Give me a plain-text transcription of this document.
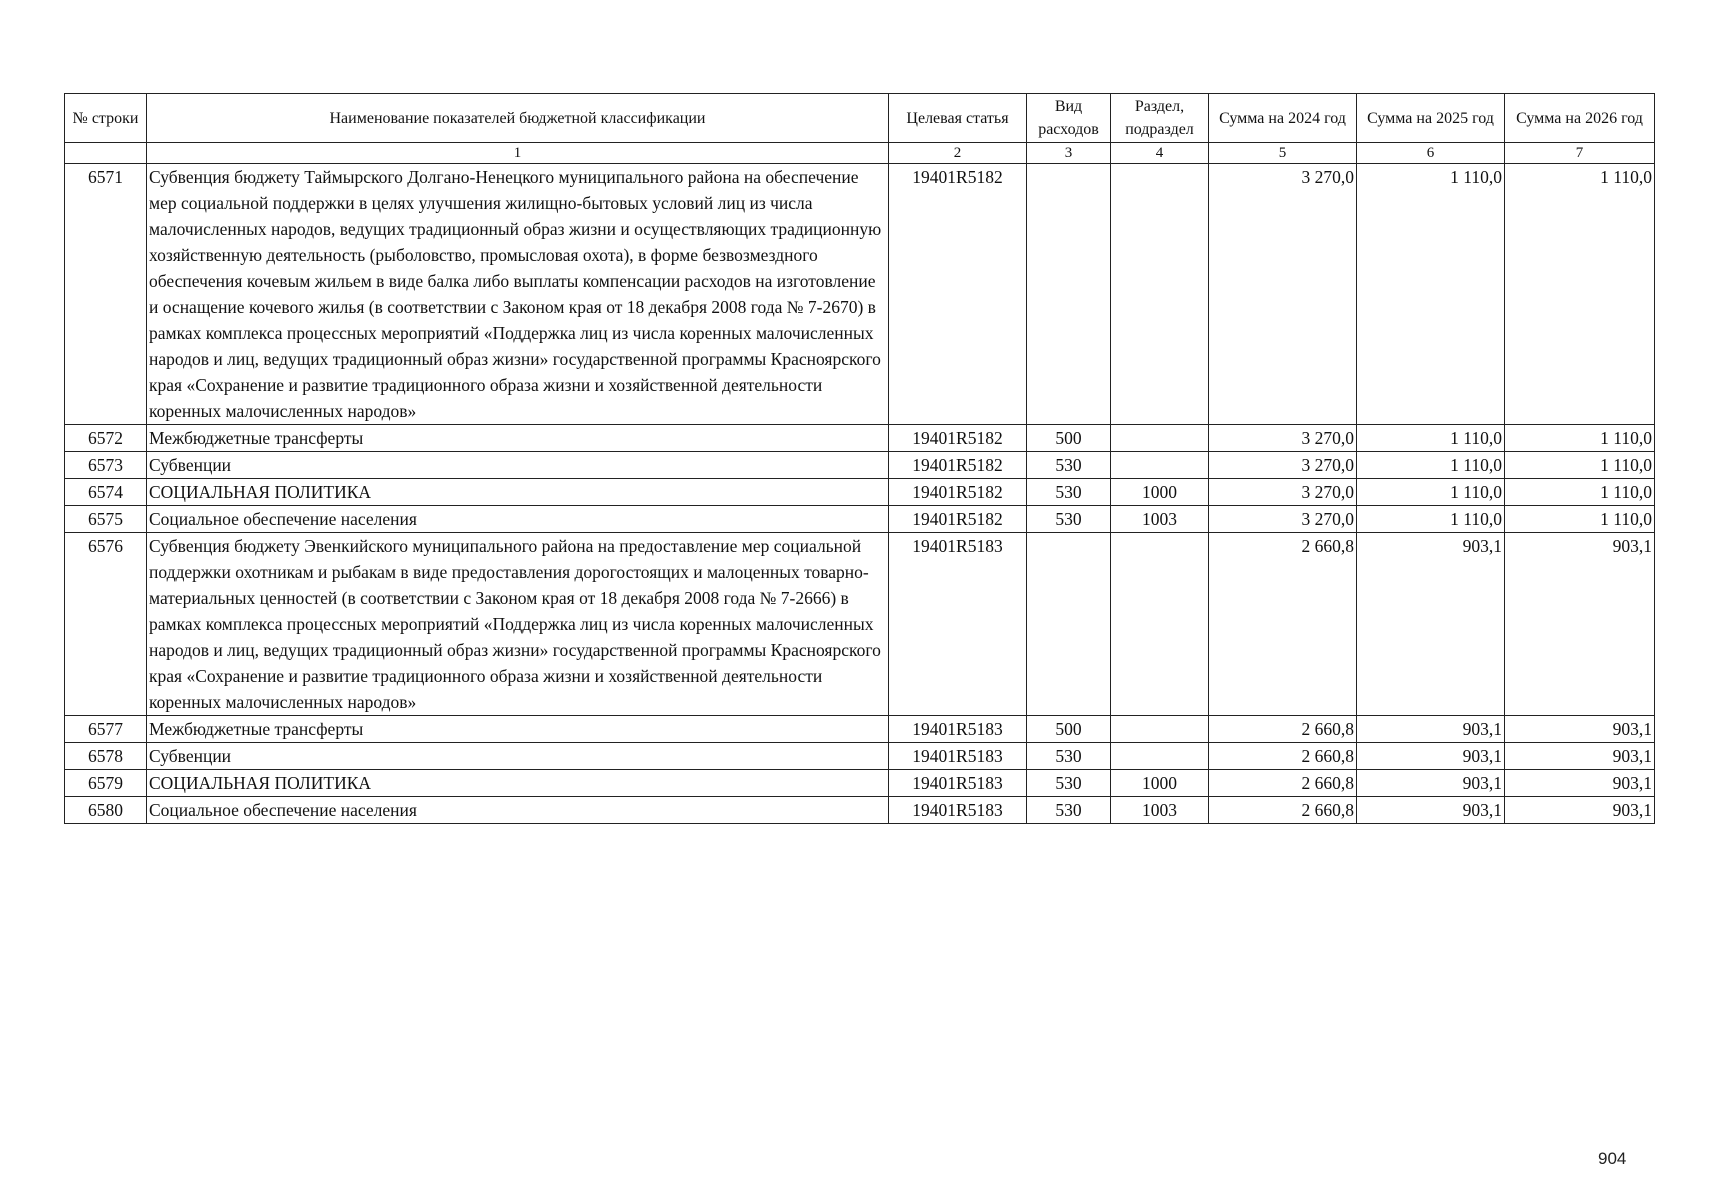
№ строки	Наименование показателей бюджетной классификации	Целевая статья	Вид расходов	Раздел, подраздел	Сумма на 2024 год	Сумма на 2025 год	Сумма на 2026 год
	1	2	3	4	5	6	7
6571	Субвенция бюджету Таймырского Долгано-Ненецкого муниципального района на обеспечение мер социальной поддержки в целях улучшения жилищно-бытовых условий лиц из числа малочисленных народов, ведущих традиционный образ жизни и осуществляющих традиционную хозяйственную деятельность (рыболовство, промысловая охота), в форме безвозмездного обеспечения кочевым жильем в виде балка либо выплаты компенсации расходов на изготовление и оснащение кочевого жилья (в соответствии с Законом края от 18 декабря 2008 года № 7-2670) в рамках комплекса процессных мероприятий «Поддержка лиц из числа коренных малочисленных народов и лиц, ведущих традиционный образ жизни» государственной программы Красноярского края «Сохранение и развитие традиционного образа жизни и хозяйственной деятельности коренных малочисленных народов»	19401R5182			3 270,0	1 110,0	1 110,0
6572	Межбюджетные трансферты	19401R5182	500		3 270,0	1 110,0	1 110,0
6573	Субвенции	19401R5182	530		3 270,0	1 110,0	1 110,0
6574	СОЦИАЛЬНАЯ ПОЛИТИКА	19401R5182	530	1000	3 270,0	1 110,0	1 110,0
6575	Социальное обеспечение населения	19401R5182	530	1003	3 270,0	1 110,0	1 110,0
6576	Субвенция бюджету Эвенкийского муниципального района на предоставление мер социальной поддержки охотникам и рыбакам в виде предоставления дорогостоящих и малоценных товарно-материальных ценностей (в соответствии с Законом края от 18 декабря 2008 года № 7-2666) в рамках комплекса процессных мероприятий «Поддержка лиц из числа коренных малочисленных народов и лиц, ведущих традиционный образ жизни» государственной программы Красноярского края «Сохранение и развитие традиционного образа жизни и хозяйственной деятельности коренных малочисленных народов»	19401R5183			2 660,8	903,1	903,1
6577	Межбюджетные трансферты	19401R5183	500		2 660,8	903,1	903,1
6578	Субвенции	19401R5183	530		2 660,8	903,1	903,1
6579	СОЦИАЛЬНАЯ ПОЛИТИКА	19401R5183	530	1000	2 660,8	903,1	903,1
6580	Социальное обеспечение населения	19401R5183	530	1003	2 660,8	903,1	903,1
904
